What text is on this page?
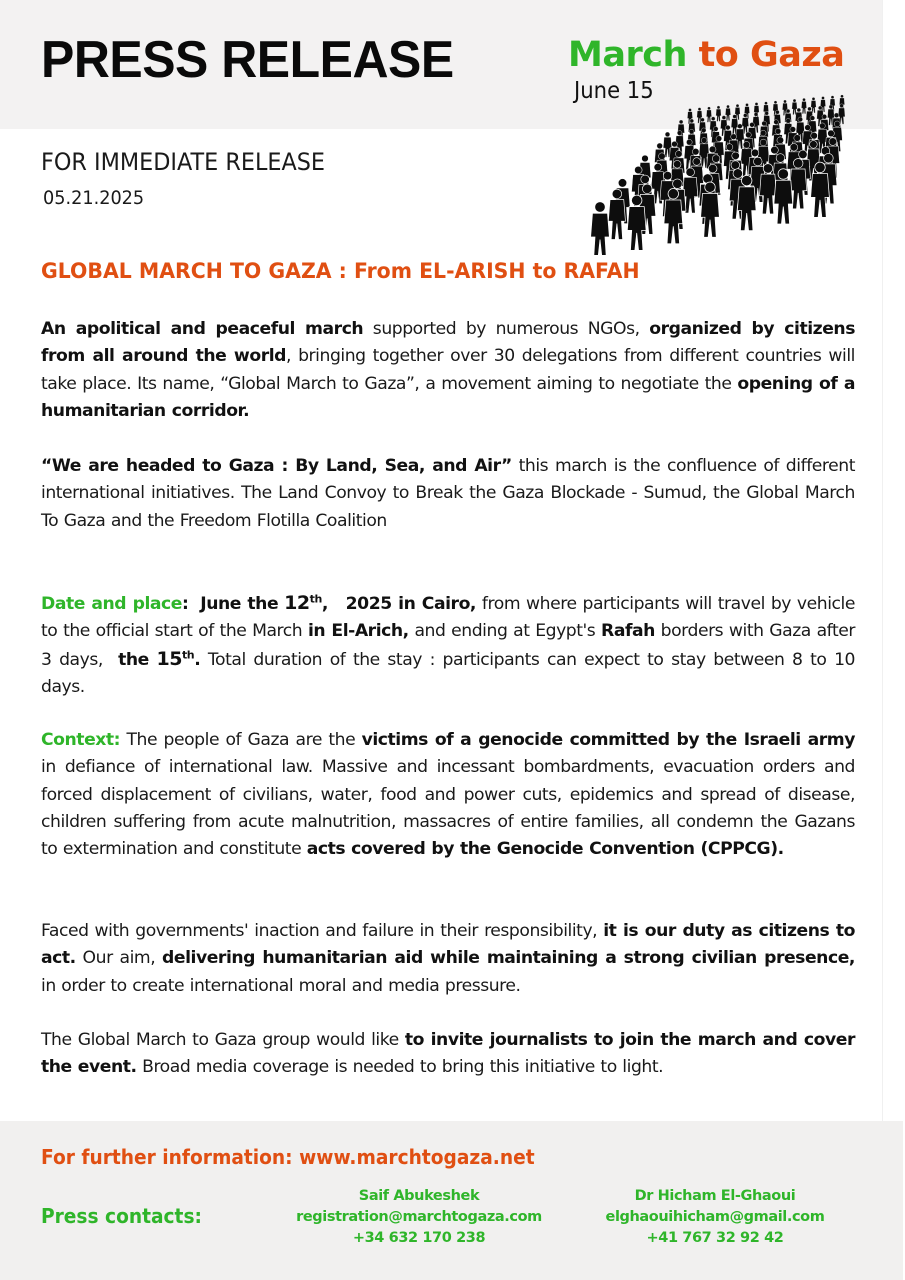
PRESS RELEASE	March to Gaza
June 15
FOR IMMEDIATE RELEASE
05.21.2025
GLOBAL MARCH TO GAZA : From EL-ARISH to RAFAH
An apolitical and peaceful march supported by numerous NGOs, organized by citizens from all around the world, bringing together over 30 delegations from different countries will take place. Its name, “Global March to Gaza”, a movement aiming to negotiate the opening of a humanitarian corridor.
“We are headed to Gaza : By Land, Sea, and Air” this march is the confluence of different international initiatives. The Land Convoy to Break the Gaza Blockade - Sumud, the Global March To Gaza and the Freedom Flotilla Coalition
Date and place: June the 12th, 2025 in Cairo, from where participants will travel by vehicle to the official start of the March in El-Arich, and ending at Egypt's Rafah borders with Gaza after 3 days,  the 15th. Total duration of the stay : participants can expect to stay between 8 to 10 days.
Context: The people of Gaza are the victims of a genocide committed by the Israeli army in defiance of international law. Massive and incessant bombardments, evacuation orders and forced displacement of civilians, water, food and power cuts, epidemics and spread of disease, children suffering from acute malnutrition, massacres of entire families, all condemn the Gazans to extermination and constitute acts covered by the Genocide Convention (CPPCG).
Faced with governments' inaction and failure in their responsibility, it is our duty as citizens to act. Our aim, delivering humanitarian aid while maintaining a strong civilian presence, in order to create international moral and media pressure.
The Global March to Gaza group would like to invite journalists to join the march and cover the event. Broad media coverage is needed to bring this initiative to light.
For further information: www.marchtogaza.net
Press contacts:
Saif Abukeshek
registration@marchtogaza.com
+34 632 170 238
Dr Hicham El-Ghaoui
elghaouihicham@gmail.com
+41 767 32 92 42
